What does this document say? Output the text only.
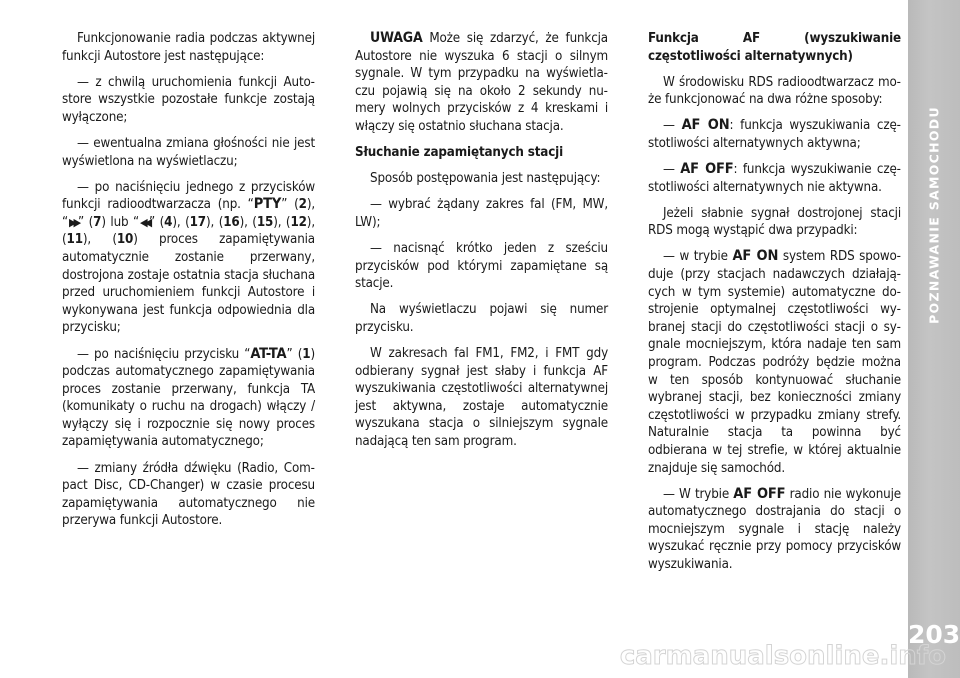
Funkcjonowanie radia podczas aktywnej funkcji Autostore jest następujące:

— z chwilą uruchomienia funkcji Autostore wszystkie pozostałe funkcje zostają wyłączone;

— ewentualna zmiana głośności nie jest wyświetlona na wyświetlaczu;

— po naciśnięciu jednego z przycisków funkcji radioodtwarzacza (np. “PTY” (2), “▶▶” (7) lub “◀◀” (4), (17), (16), (15), (12), (11), (10) proces zapamiętywania automatycznie zostanie przerwany, dostrojona zostaje ostatnia stacja słuchana przed uruchomieniem funkcji Autostore i wykonywana jest funkcja odpowiednia dla przycisku;

— po naciśnięciu przycisku “AT-TA” (1) podczas automatycznego zapamiętywania proces zostanie przerwany, funkcja TA (komunikaty o ruchu na drogach) włączy / wyłączy się i rozpocznie się nowy proces zapamiętywania automatycznego;

— zmiany źródła dźwięku (Radio, Compact Disc, CD-Changer) w czasie procesu zapamiętywania automatycznego nie przerywa funkcji Autostore.

UWAGA Może się zdarzyć, że funkcja Autostore nie wyszuka 6 stacji o silnym sygnale. W tym przypadku na wyświetlaczu pojawią się na około 2 sekundy numery wolnych przycisków z 4 kreskami i włączy się ostatnio słuchana stacja.

Słuchanie zapamiętanych stacji

Sposób postępowania jest następujący:

— wybrać żądany zakres fal (FM, MW, LW);

— nacisnąć krótko jeden z sześciu przycisków pod którymi zapamiętane są stacje.

Na wyświetlaczu pojawi się numer przycisku.

W zakresach fal FM1, FM2, i FMT gdy odbierany sygnał jest słaby i funkcja AF wyszukiwania częstotliwości alternatywnej jest aktywna, zostaje automatycznie wyszukana stacja o silniejszym sygnale nadającą ten sam program.

Funkcja AF (wyszukiwanie częstotliwości alternatywnych)

W środowisku RDS radioodtwarzacz może funkcjonować na dwa różne sposoby:

— AF ON: funkcja wyszukiwania częstotliwości alternatywnych aktywna;

— AF OFF: funkcja wyszukiwanie częstotliwości alternatywnych nie aktywna.

Jeżeli słabnie sygnał dostrojonej stacji RDS mogą wystąpić dwa przypadki:

— w trybie AF ON system RDS spowoduje (przy stacjach nadawczych działających w tym systemie) automatyczne dostrojenie optymalnej częstotliwości wybranej stacji do częstotliwości stacji o sygnale mocniejszym, która nadaje ten sam program. Podczas podróży będzie można w ten sposób kontynuować słuchanie wybranej stacji, bez konieczności zmiany częstotliwości w przypadku zmiany strefy. Naturalnie stacja ta powinna być odbierana w tej strefie, w której aktualnie znajduje się samochód.

— W trybie AF OFF radio nie wykonuje automatycznego dostrajania do stacji o mocniejszym sygnale i stację należy wyszukać ręcznie przy pomocy przycisków wyszukiwania.

POZNAWANIE SAMOCHODU
203
carmanualsonline.info
